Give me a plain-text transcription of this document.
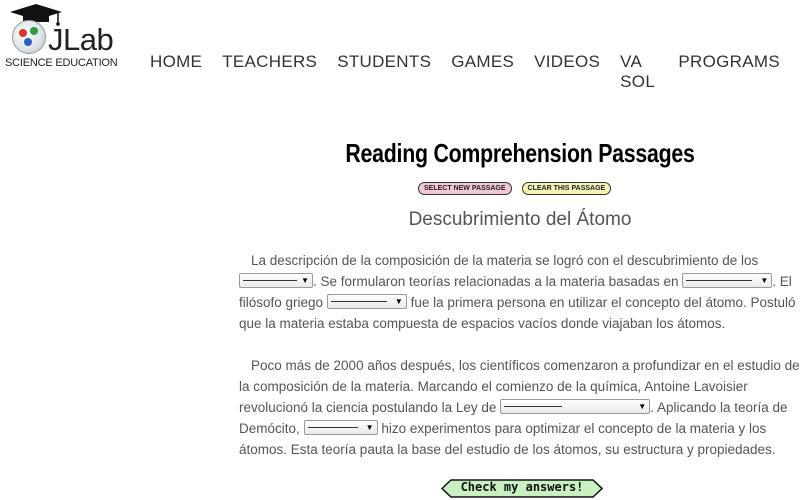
JLab
SCIENCE EDUCATION HOME TEACHERS STUDENTS GAMES VIDEOS VA SOL
PROGRAMS
Reading Comprehension Passages
SELECT NEW PASSAGE	CLEAR THIS PASSAGE
Descubrimiento del Átomo

La descripción de la composición de la materia se logró con el descubrimiento de los
▼ . Se formularon teorías relacionadas a la materia basadas en	▼ . El filósofo griego	▼ fue la primera persona en utilizar el concepto del átomo. Postuló que la materia estaba compuesta de espacios vacíos donde viajaban los átomos.

Poco más de 2000 años después, los científicos comenzaron a profundizar en el estudio de la composición de la materia. Marcando el comienzo de la química, Antoine Lavoisier revolucionó la ciencia postulando la Ley de	▼ . Aplicando la teoría de Demócito,	▼ hizo experimentos para optimizar el concepto de la materia y los átomos. Esta teoría pauta la base del estudio de los átomos, su estructura y propiedades.

Check my answers!
